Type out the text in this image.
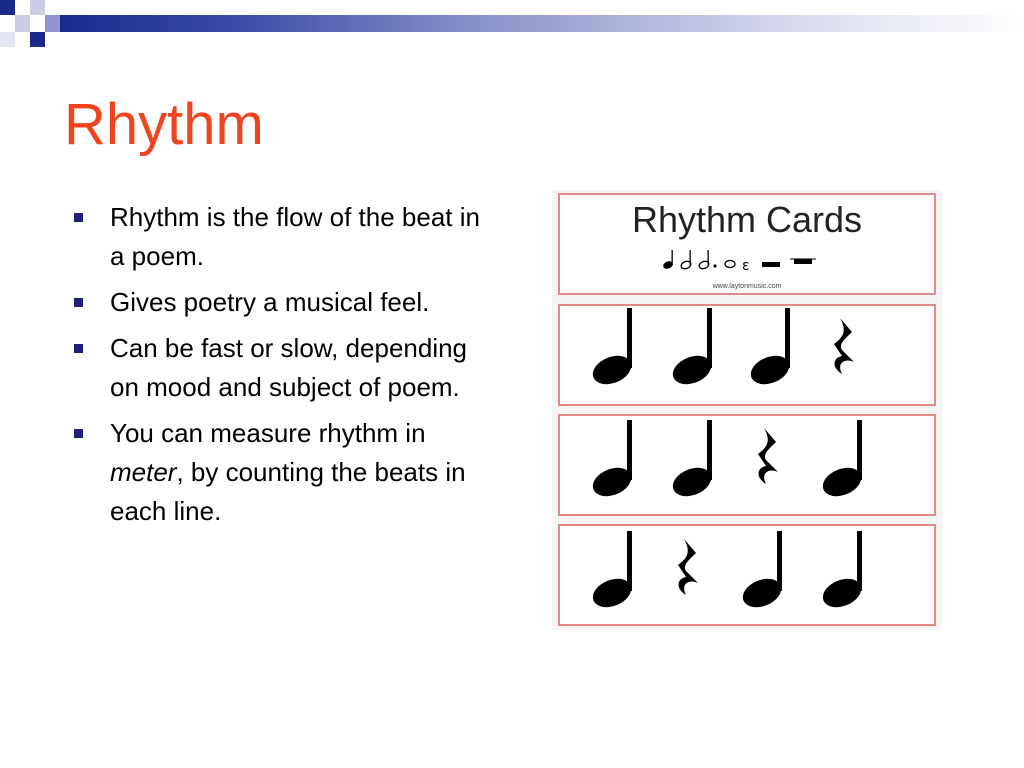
Rhythm
Rhythm is the flow of the beat in a poem.
Gives poetry a musical feel.
Can be fast or slow, depending on mood and subject of poem.
You can measure rhythm in meter, by counting the beats in each line.
Rhythm Cards
ɛ
www.laytonmusic.com
